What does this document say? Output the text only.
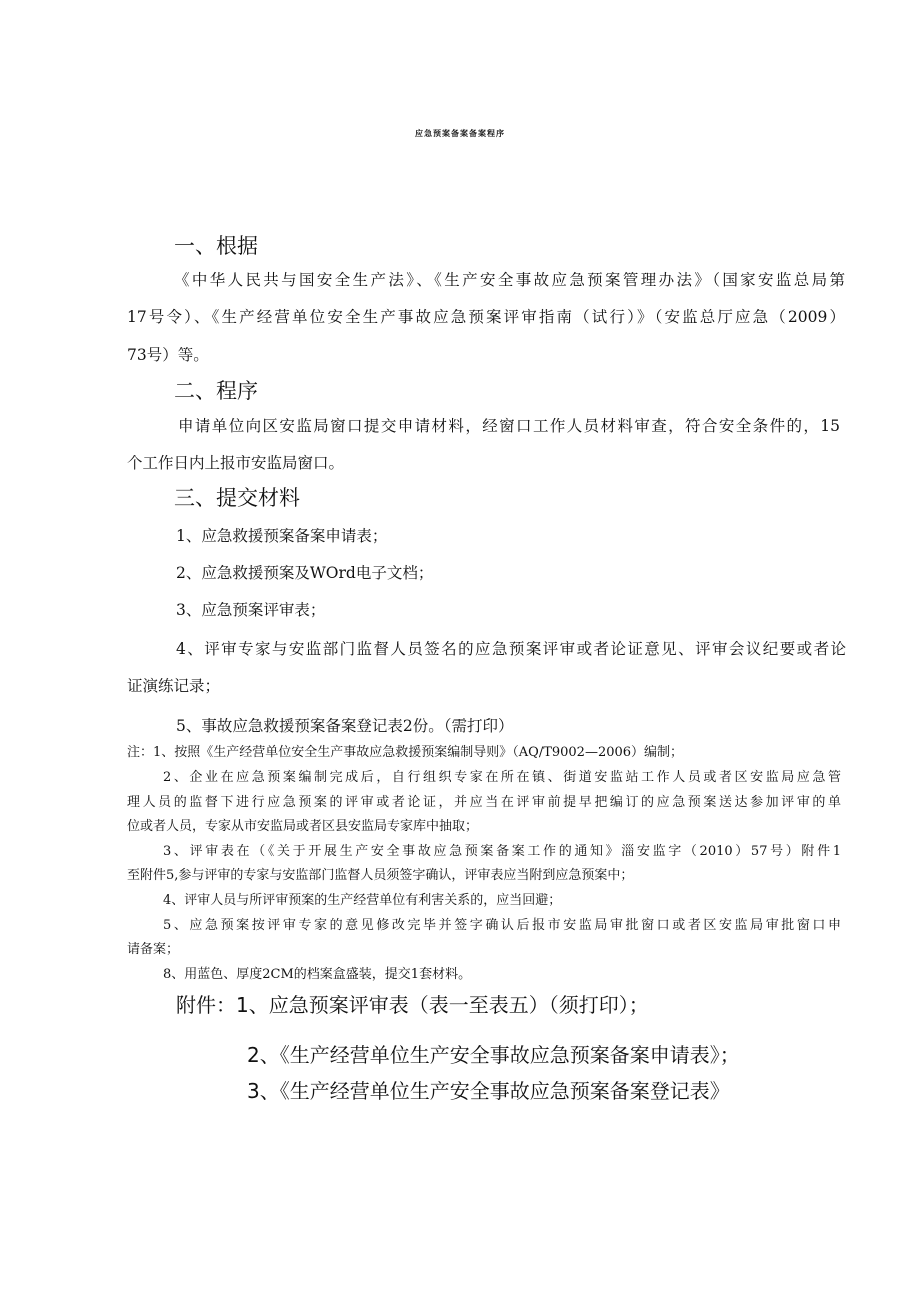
应急预案备案备案程序
一、根据
《中华人民共与国安全生产法》、《生产安全事故应急预案管理办法》（国家安监总局第
17号令）、《生产经营单位安全生产事故应急预案评审指南（试行）》（安监总厅应急（2009）
73号）等。
二、程序
申请单位向区安监局窗口提交申请材料，经窗口工作人员材料审查，符合安全条件的，15
个工作日内上报市安监局窗口。
三、提交材料
1、应急救援预案备案申请表；
2、应急救援预案及WOrd电子文档；
3、应急预案评审表；
4、评审专家与安监部门监督人员签名的应急预案评审或者论证意见、评审会议纪要或者论
证演练记录；
5、事故应急救援预案备案登记表2份。（需打印）
注：1、按照《生产经营单位安全生产事故应急救援预案编制导则》（AQ/T9002—2006）编制；
2、企业在应急预案编制完成后，自行组织专家在所在镇、街道安监站工作人员或者区安监局应急管
理人员的监督下进行应急预案的评审或者论证，并应当在评审前提早把编订的应急预案送达参加评审的单
位或者人员，专家从市安监局或者区县安监局专家库中抽取；
3、评审表在（《关于开展生产安全事故应急预案备案工作的通知》淄安监字（2010）57号）附件1
至附件5,参与评审的专家与安监部门监督人员须签字确认，评审表应当附到应急预案中；
4、评审人员与所评审预案的生产经营单位有利害关系的，应当回避；
5、应急预案按评审专家的意见修改完毕并签字确认后报市安监局审批窗口或者区安监局审批窗口申
请备案；
8、用蓝色、厚度2CM的档案盒盛装，提交1套材料。
附件：1、应急预案评审表（表一至表五）（须打印）；
2、《生产经营单位生产安全事故应急预案备案申请表》；
3、《生产经营单位生产安全事故应急预案备案登记表》
